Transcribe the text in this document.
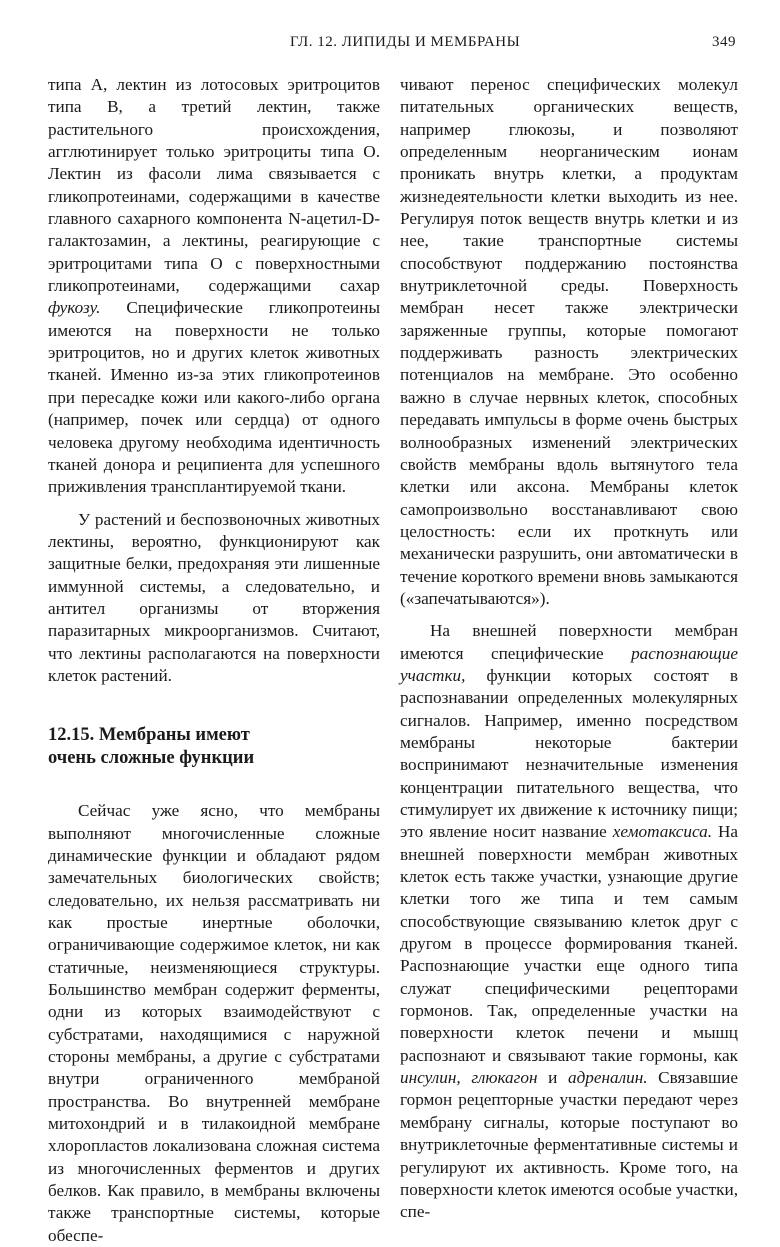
ГЛ. 12. ЛИПИДЫ И МЕМБРАНЫ	349

типа А, лектин из лотосовых эритроцитов типа В, а третий лектин, также растительного происхождения, агглютинирует только эритроциты типа О. Лектин из фасоли лима связывается с гликопротеинами, содержащими в качестве главного сахарного компонента N-ацетил-D-галактозамин, а лектины, реагирующие с эритроцитами типа О с поверхностными гликопротеинами, содержащими сахар фукозу. Специфические гликопротеины имеются на поверхности не только эритроцитов, но и других клеток животных тканей. Именно из-за этих гликопротеинов при пересадке кожи или какого-либо органа (например, почек или сердца) от одного человека другому необходима идентичность тканей донора и реципиента для успешного приживления трансплантируемой ткани.

У растений и беспозвоночных животных лектины, вероятно, функционируют как защитные белки, предохраняя эти лишенные иммунной системы, а следовательно, и антител организмы от вторжения паразитарных микроорганизмов. Считают, что лектины располагаются на поверхности клеток растений.

12.15. Мембраны имеют
очень сложные функции

Сейчас уже ясно, что мембраны выполняют многочисленные сложные динамические функции и обладают рядом замечательных биологических свойств; следовательно, их нельзя рассматривать ни как простые инертные оболочки, ограничивающие содержимое клеток, ни как статичные, неизменяющиеся структуры. Большинство мембран содержит ферменты, одни из которых взаимодействуют с субстратами, находящимися с наружной стороны мембраны, а другие с субстратами внутри ограниченного мембраной пространства. Во внутренней мембране митохондрий и в тилакоидной мембране хлоропластов локализована сложная система из многочисленных ферментов и других белков. Как правило, в мембраны включены также транспортные системы, которые обеспе-

чивают перенос специфических молекул питательных органических веществ, например глюкозы, и позволяют определенным неорганическим ионам проникать внутрь клетки, а продуктам жизнедеятельности клетки выходить из нее. Регулируя поток веществ внутрь клетки и из нее, такие транспортные системы способствуют поддержанию постоянства внутриклеточной среды. Поверхность мембран несет также электрически заряженные группы, которые помогают поддерживать разность электрических потенциалов на мембране. Это особенно важно в случае нервных клеток, способных передавать импульсы в форме очень быстрых волнообразных изменений электрических свойств мембраны вдоль вытянутого тела клетки или аксона. Мембраны клеток самопроизвольно восстанавливают свою целостность: если их проткнуть или механически разрушить, они автоматически в течение короткого времени вновь замыкаются («запечатываются»).

На внешней поверхности мембран имеются специфические распознающие участки, функции которых состоят в распознавании определенных молекулярных сигналов. Например, именно посредством мембраны некоторые бактерии воспринимают незначительные изменения концентрации питательного вещества, что стимулирует их движение к источнику пищи; это явление носит название хемотаксиса. На внешней поверхности мембран животных клеток есть также участки, узнающие другие клетки того же типа и тем самым способствующие связыванию клеток друг с другом в процессе формирования тканей. Распознающие участки еще одного типа служат специфическими рецепторами гормонов. Так, определенные участки на поверхности клеток печени и мышц распознают и связывают такие гормоны, как инсулин, глюкагон и адреналин. Связавшие гормон рецепторные участки передают через мембрану сигналы, которые поступают во внутриклеточные ферментативные системы и регулируют их активность. Кроме того, на поверхности клеток имеются особые участки, спе-
